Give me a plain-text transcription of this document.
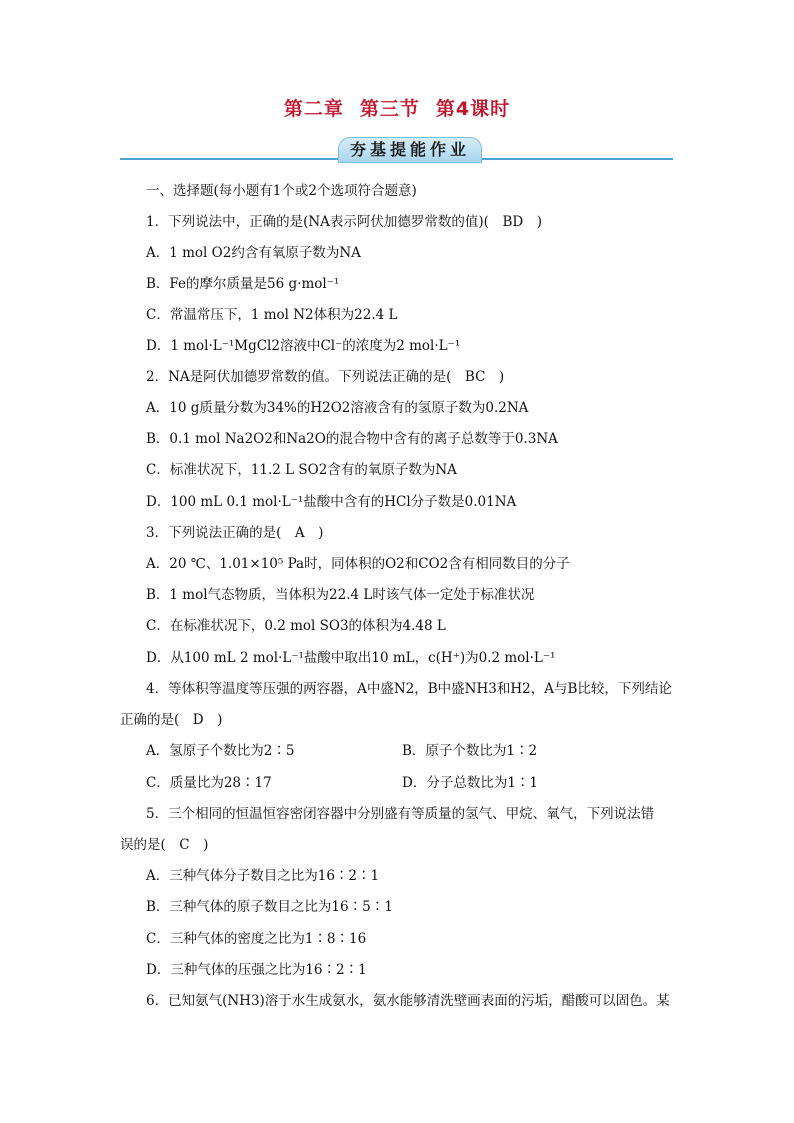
第二章 第三节 第4课时
夯基提能作业
一、选择题(每小题有1个或2个选项符合题意)
1．下列说法中，正确的是(NA表示阿伏加德罗常数的值)(　BD　)
A．1 mol O2约含有氧原子数为NA
B．Fe的摩尔质量是56 g·mol⁻¹
C．常温常压下，1 mol N2体积为22.4 L
D．1 mol·L⁻¹MgCl2溶液中Cl⁻的浓度为2 mol·L⁻¹
2．NA是阿伏加德罗常数的值。下列说法正确的是(　BC　)
A．10 g质量分数为34%的H2O2溶液含有的氢原子数为0.2NA
B．0.1 mol Na2O2和Na2O的混合物中含有的离子总数等于0.3NA
C．标准状况下，11.2 L SO2含有的氧原子数为NA
D．100 mL 0.1 mol·L⁻¹盐酸中含有的HCl分子数是0.01NA
3．下列说法正确的是(　A　)
A．20 ℃、1.01×10⁵ Pa时，同体积的O2和CO2含有相同数目的分子
B．1 mol气态物质，当体积为22.4 L时该气体一定处于标准状况
C．在标准状况下，0.2 mol SO3的体积为4.48 L
D．从100 mL 2 mol·L⁻¹盐酸中取出10 mL，c(H⁺)为0.2 mol·L⁻¹
4．等体积等温度等压强的两容器，A中盛N2，B中盛NH3和H2，A与B比较，下列结论
正确的是(　D　)
A．氢原子个数比为2∶5	B．原子个数比为1∶2
C．质量比为28∶17	D．分子总数比为1∶1
5．三个相同的恒温恒容密闭容器中分别盛有等质量的氢气、甲烷、氧气，下列说法错
误的是(　C　)
A．三种气体分子数目之比为16∶2∶1
B．三种气体的原子数目之比为16∶5∶1
C．三种气体的密度之比为1∶8∶16
D．三种气体的压强之比为16∶2∶1
6．已知氨气(NH3)溶于水生成氨水，氨水能够清洗壁画表面的污垢，醋酸可以固色。某
